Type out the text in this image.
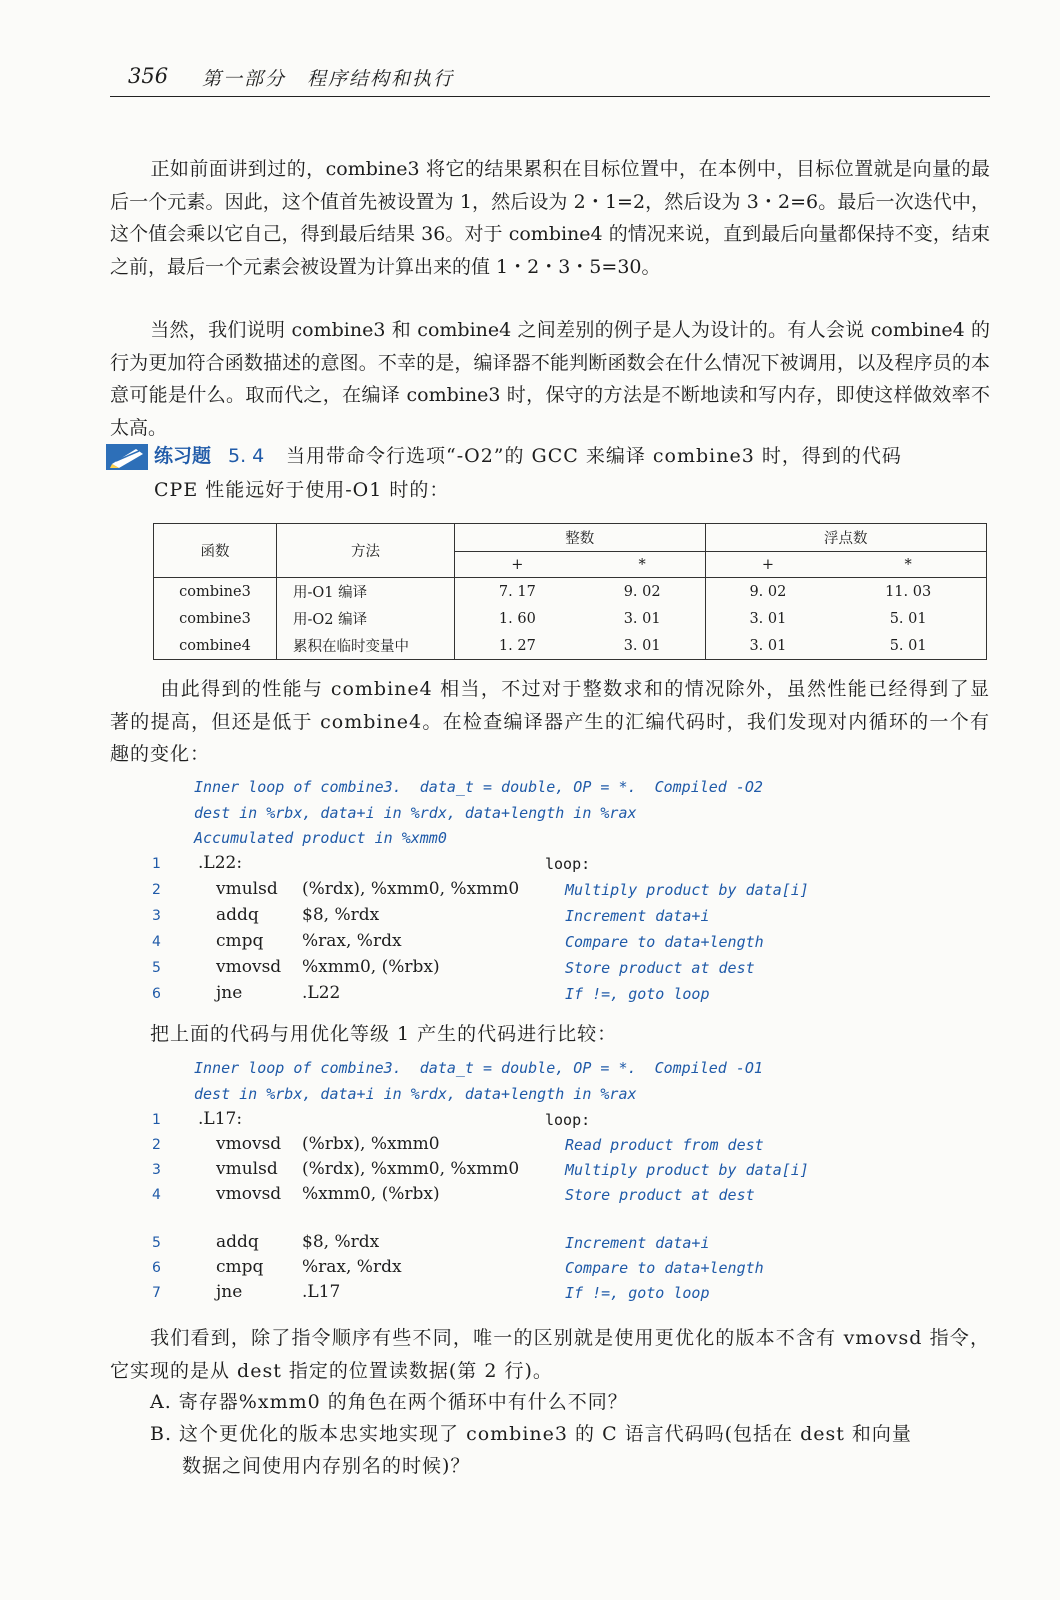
356 第一部分　程序结构和执行

正如前面讲到过的，combine3 将它的结果累积在目标位置中，在本例中，目标位置就是向量的最后一个元素。因此，这个值首先被设置为 1，然后设为 2・1=2，然后设为 3・2=6。最后一次迭代中，这个值会乘以它自己，得到最后结果 36。对于 combine4 的情况来说，直到最后向量都保持不变，结束之前，最后一个元素会被设置为计算出来的值 1・2・3・5=30。

当然，我们说明 combine3 和 combine4 之间差别的例子是人为设计的。有人会说 combine4 的行为更加符合函数描述的意图。不幸的是，编译器不能判断函数会在什么情况下被调用，以及程序员的本意可能是什么。取而代之，在编译 combine3 时，保守的方法是不断地读和写内存，即使这样做效率不太高。

练习题 5. 4 当用带命令行选项“-O2”的 GCC 来编译 combine3 时，得到的代码
CPE 性能远好于使用-O1 时的：
函数	方法	整数		浮点数	
		+	*	+	*
combine3	用-O1 编译	7. 17	9. 02	9. 02	11. 03
combine3	用-O2 编译	1. 60	3. 01	3. 01	5. 01
combine4	累积在临时变量中	1. 27	3. 01	3. 01	5. 01

由此得到的性能与 combine4 相当，不过对于整数求和的情况除外，虽然性能已经得到了显著的提高，但还是低于 combine4。在检查编译器产生的汇编代码时，我们发现对内循环的一个有趣的变化：

Inner loop of combine3.  data_t = double, OP = *.  Compiled -O2
dest in %rbx, data+i in %rdx, data+length in %rax
Accumulated product in %xmm0
1 .L22:	loop:
2	vmulsd (%rdx), %xmm0, %xmm0	Multiply product by data[i]
3	addq	$8, %rdx	Increment data+i
4	cmpq %rax, %rdx	Compare to data+length
5	vmovsd %xmm0, (%rbx)	Store product at dest
6	jne	.L22	If !=, goto loop

把上面的代码与用优化等级 1 产生的代码进行比较：

Inner loop of combine3.  data_t = double, OP = *.  Compiled -O1
dest in %rbx, data+i in %rdx, data+length in %rax
1 .L17:	loop:
2	vmovsd (%rbx), %xmm0	Read product from dest
3	vmulsd (%rdx), %xmm0, %xmm0	Multiply product by data[i]
4	vmovsd %xmm0, (%rbx)	Store product at dest
5	addq	$8, %rdx	Increment data+i
6	cmpq %rax, %rdx	Compare to data+length
7	jne	.L17	If !=, goto loop

我们看到，除了指令顺序有些不同，唯一的区别就是使用更优化的版本不含有 vmovsd 指令，它实现的是从 dest 指定的位置读数据(第 2 行)。

A. 寄存器%xmm0 的角色在两个循环中有什么不同？
B. 这个更优化的版本忠实地实现了 combine3 的 C 语言代码吗(包括在 dest 和向量
数据之间使用内存别名的时候)？
